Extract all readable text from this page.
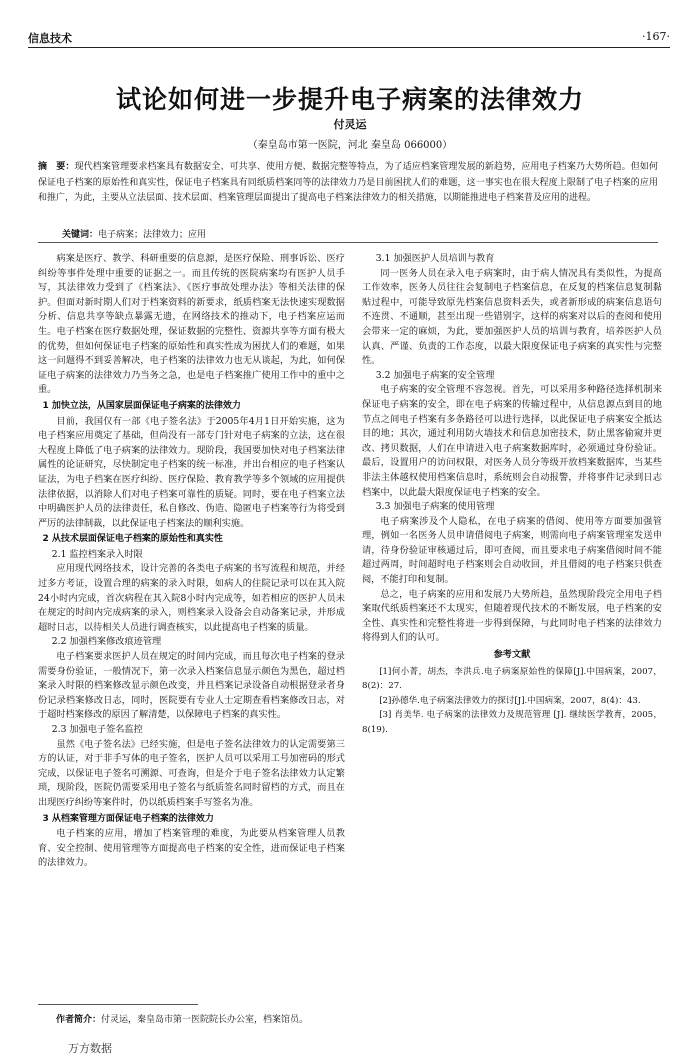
信息技术	·167·
试论如何进一步提升电子病案的法律效力
付灵运
（秦皇岛市第一医院，河北 秦皇岛 066000）
摘　要：现代档案管理要求档案具有数据安全、可共享、使用方便、数据完整等特点，为了适应档案管理发展的新趋势，应用电子档案乃大势所趋。但如何保证电子档案的原始性和真实性，保证电子档案具有同纸质档案同等的法律效力乃是目前困扰人们的难题，这一事实也在很大程度上限制了电子档案的应用和推广，为此，主要从立法层面、技术层面、档案管理层面提出了提高电子档案法律效力的相关措施，以期能推进电子档案普及应用的进程。
关键词：电子病案；法律效力；应用

病案是医疗、教学、科研重要的信息源，是医疗保险、刑事诉讼、医疗纠纷等事件处理中重要的证据之一。而且传统的医院病案均有医护人员手写，其法律效力受到了《档案法》、《医疗事故处理办法》等相关法律的保护。但面对新时期人们对于档案资料的新要求，纸质档案无法快速实现数据分析、信息共享等缺点暴露无遗，在网络技术的推动下，电子档案应运而生。电子档案在医疗数据处理，保证数据的完整性、资源共享等方面有极大的优势，但如何保证电子档案的原始性和真实性成为困扰人们的难题，如果这一问题得不到妥善解决，电子档案的法律效力也无从谈起，为此，如何保证电子病案的法律效力乃当务之急，也是电子档案推广使用工作中的重中之重。

1 加快立法，从国家层面保证电子病案的法律效力

目前，我国仅有一部《电子签名法》于2005年4月1日开始实施，这为电子档案应用奠定了基础，但尚没有一部专门针对电子病案的立法，这在很大程度上降低了电子病案的法律效力。现阶段，我国要加快对电子档案法律属性的论证研究，尽快制定电子档案的统一标准，并出台相应的电子档案认证法，为电子档案在医疗纠纷、医疗保险、教育教学等多个领域的应用提供法律依据，以消除人们对电子档案可靠性的质疑。同时，要在电子档案立法中明确医护人员的法律责任，私自修改、伪造、隐匿电子档案等行为将受到严厉的法律制裁，以此保证电子档案法的顺利实施。

2 从技术层面保证电子档案的原始性和真实性

2.1 监控档案录入时限

应用现代网络技术，设计完善的各类电子病案的书写流程和规范，并经过多方考证，设置合理的病案的录入时限，如病人的住院记录可以在其入院24小时内完成，首次病程在其入院8小时内完成等，如若相应的医护人员未在规定的时间内完成病案的录入，则档案录入设备会自动备案记录，并形成超时日志，以待相关人员进行调查核实，以此提高电子档案的质量。

2.2 加强档案修改痕迹管理

电子档案要求医护人员在规定的时间内完成，而且每次电子档案的登录需要身份验证，一般情况下，第一次录入档案信息显示颜色为黑色，超过档案录入时限的档案修改显示颜色改变，并且档案记录设备自动根据登录者身份记录档案修改日志，同时，医院要有专业人士定期查看档案修改日志，对于超时档案修改的原因了解清楚，以保障电子档案的真实性。

2.3 加强电子签名监控

虽然《电子签名法》已经实施，但是电子签名法律效力的认定需要第三方的认证，对于非手写体的电子签名，医护人员可以采用工号加密码的形式完成，以保证电子签名可溯源、可查询，但是介于电子签名法律效力认定繁琐，现阶段，医院仍需要采用电子签名与纸质签名同时留档的方式，而且在出现医疗纠纷等案件时，仍以纸质档案手写签名为准。

3 从档案管理方面保证电子档案的法律效力

电子档案的应用，增加了档案管理的难度，为此要从档案管理人员教育、安全控制、使用管理等方面提高电子档案的安全性，进而保证电子档案的法律效力。

3.1 加强医护人员培训与教育

同一医务人员在录入电子病案时，由于病人情况具有类似性，为提高工作效率，医务人员往往会复制电子档案信息，在反复的档案信息复制黏贴过程中，可能导致原先档案信息资料丢失，或者新形成的病案信息语句不连贯、不通顺，甚至出现一些错别字，这样的病案对以后的查阅和使用会带来一定的麻烦，为此，要加强医护人员的培训与教育，培养医护人员认真、严谨、负责的工作态度，以最大限度保证电子病案的真实性与完整性。

3.2 加强电子病案的安全管理

电子病案的安全管理不容忽视。首先，可以采用多种路径选择机制来保证电子病案的安全，即在电子病案的传输过程中，从信息源点到目的地节点之间电子档案有多条路径可以进行选择，以此保证电子病案安全抵达目的地；其次，通过利用防火墙技术和信息加密技术，防止黑客偷窥并更改、拷贝数据，人们在申请进入电子病案数据库时，必须通过身份验证。最后，设置用户的访问权限，对医务人员分等级开放档案数据库，当某些非法主体越权使用档案信息时，系统则会自动报警，并将事件记录到日志档案中，以此最大限度保证电子档案的安全。

3.3 加强电子病案的使用管理

电子病案涉及个人隐私，在电子病案的借阅、使用等方面要加强管理，例如一名医务人员申请借阅电子病案，则需向电子病案管理室发送申请，待身份验证审核通过后，即可查阅，而且要求电子病案借阅时间不能超过两周，时间超时电子档案则会自动收回，并且借阅的电子档案只供查阅，不能打印和复制。

总之，电子病案的应用和发展乃大势所趋，虽然现阶段完全用电子档案取代纸质档案还不太现实，但随着现代技术的不断发展，电子档案的安全性、真实性和完整性将进一步得到保障，与此同时电子档案的法律效力将得到人们的认可。

参考文献

[1]何小菁，胡杰，李洪兵.电子病案原始性的保障[J].中国病案，2007，8(2)：27.

[2]孙德华.电子病案法律效力的探讨[J].中国病案，2007，8(4)：43.

[3] 肖美华. 电子病案的法律效力及规范管理 [J]. 继续医学教育，2005，8(19).

作者简介：付灵运，秦皇岛市第一医院院长办公室，档案馆员。
万方数据
